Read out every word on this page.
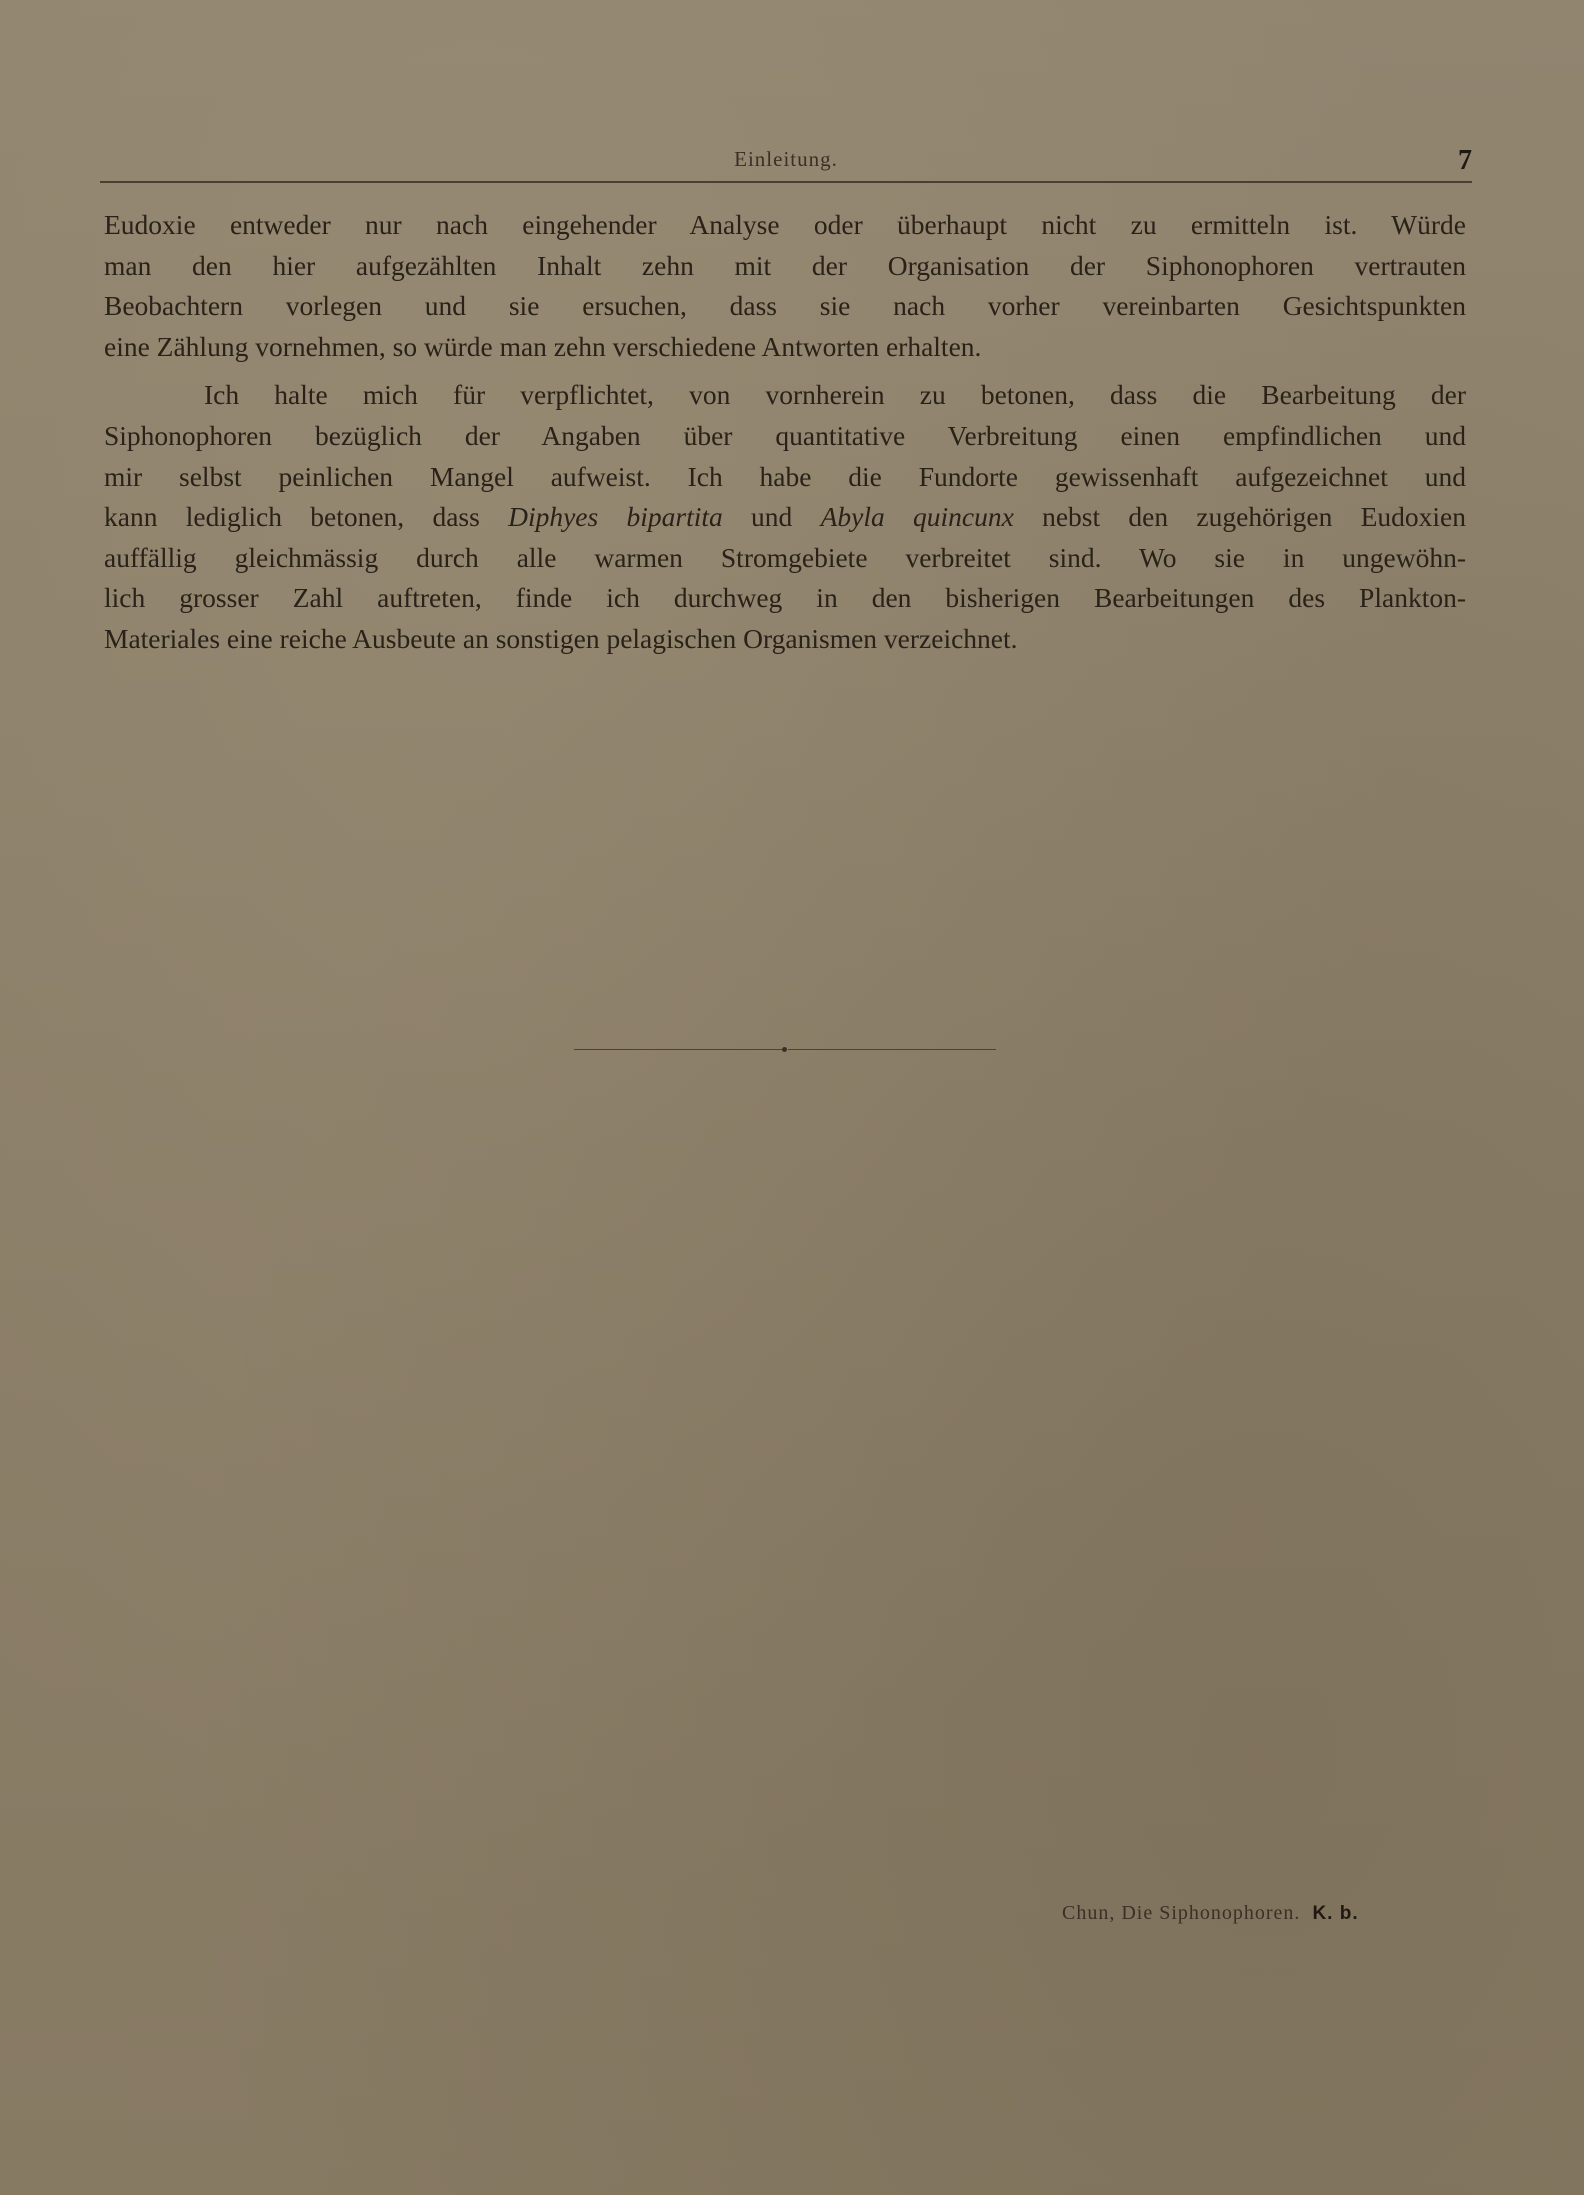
Einleitung.	7
Eudoxie entweder nur nach eingehender Analyse oder überhaupt nicht zu ermitteln ist. Würde
man den hier aufgezählten Inhalt zehn mit der Organisation der Siphonophoren vertrauten
Beobachtern vorlegen und sie ersuchen, dass sie nach vorher vereinbarten Gesichtspunkten
eine Zählung vornehmen, so würde man zehn verschiedene Antworten erhalten.
Ich halte mich für verpflichtet, von vornherein zu betonen, dass die Bearbeitung der
Siphonophoren bezüglich der Angaben über quantitative Verbreitung einen empfindlichen und
mir selbst peinlichen Mangel aufweist. Ich habe die Fundorte gewissenhaft aufgezeichnet und
kann lediglich betonen, dass Diphyes bipartita und Abyla quincunx nebst den zugehörigen Eudoxien
auffällig gleichmässig durch alle warmen Stromgebiete verbreitet sind. Wo sie in ungewöhn-
lich grosser Zahl auftreten, finde ich durchweg in den bisherigen Bearbeitungen des Plankton-
Materiales eine reiche Ausbeute an sonstigen pelagischen Organismen verzeichnet.
Chun, Die Siphonophoren. K. b.
